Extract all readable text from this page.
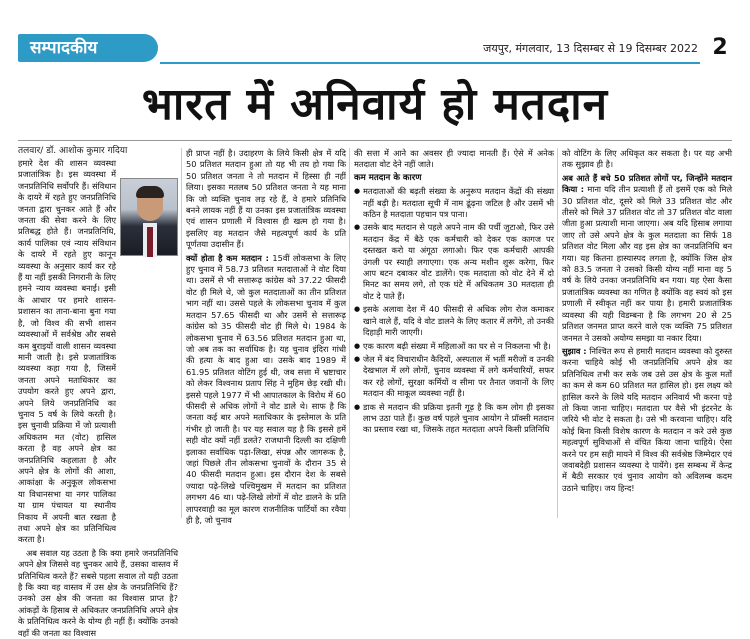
सम्पादकीय	जयपुर, मंगलवार, 13 दिसम्बर से 19 दिसम्बर 2022 2
भारत में अनिवार्य हो मतदान
तलवार/ डॉ. आशोक कुमार गदिया

हमारे देश की शासन व्यवस्था प्रजातांत्रिक है। इस व्यवस्था में जनप्रतिनिधि सर्वोपरि हैं। संविधान के दायरे में रहते हुए जनप्रतिनिधि जनता द्वारा चुनकर आते हैं और जनता की सेवा करने के लिए प्रतिबद्ध होते हैं। जनप्रतिनिधि, कार्य पालिका एवं न्याय संविधान के दायरे में रहते हुए कानून व्यवस्था के अनुसार कार्य कर रहे हैं या नहीं इसकी निगरानी के लिए हमने न्याय व्यवस्था बनाई। इसी के आधार पर हमारे शासन-प्रशासन का ताना-बाना बुना गया है, जो विश्व की सभी शासन व्यवस्थाओं में सर्वश्रेष्ठ और सबसे कम बुराइयों वाली शासन व्यवस्था मानी जाती है। इसे प्रजातांत्रिक व्यवस्था कहा गया है, जिसमें जनता अपने मताधिकार का उपयोग करते हुए अपने द्वारा, अपने लिये जनप्रतिनिधि का चुनाव 5 वर्ष के लिये करती है। इस चुनावी प्रक्रिया में जो प्रत्याशी अधिकतम मत (वोट) हासिल करता है वह अपने क्षेत्र का जनप्रतिनिधि कहलाता है और अपने क्षेत्र के लोगों की आशा, आकांक्षा के अनुकूल लोकसभा या विधानसभा या नगर पालिका या ग्राम पंचायत या स्थानीय निकाय में अपनी बात रखता है तथा अपने क्षेत्र का प्रतिनिधित्व करता है।

अब सवाल यह उठता है कि क्या हमारे जनप्रतिनिधि अपने क्षेत्र जिससे वह चुनकर आये हैं, उसका वास्तव में प्रतिनिधित्व करते हैं? सबसे पहला सवाल तो यही उठता है कि क्या वह वास्तव में उस क्षेत्र के जनप्रतिनिधि हैं? उनको उस क्षेत्र की जनता का विश्वास प्राप्त है? आंकड़ों के हिसाब से अधिकतर जनप्रतिनिधि अपने क्षेत्र के प्रतिनिधित्व करने के योग्य ही नहीं हैं। क्योंकि उनको वहाँ की जनता का विश्वास

ही प्राप्त नहीं है। उदाहरण के लिये किसी क्षेत्र में यदि 50 प्रतिशत मतदान हुआ तो यह भी तय हो गया कि 50 प्रतिशत जनता ने तो मतदान में हिस्सा ही नहीं लिया। इसका मतलब 50 प्रतिशत जनता ने यह माना कि जो व्यक्ति चुनाव लड़ रहे हैं, वे हमारे प्रतिनिधि बनने लायक नहीं हैं या उनका इस प्रजातांत्रिक व्यवस्था एवं शासन प्रणाली में विश्वास ही खत्म हो गया है। इसलिए वह मतदान जैसे महत्वपूर्ण कार्य के प्रति पूर्णतया उदासीन हैं।

क्यों होता है कम मतदान : 15वीं लोकसभा के लिए हुए चुनाव में 58.73 प्रतिशत मतदाताओं ने वोट दिया था। उसमें से भी सत्तारूढ़ कांग्रेस को 37.22 फीसदी वोट ही मिले थे, जो कुल मतदाताओं का तीन प्रतिशत भाग नहीं था। उससे पहले के लोकसभा चुनाव में कुल मतदान 57.65 फीसदी था और उसमें से सत्तारूढ़ कांग्रेस को 35 फीसदी वोट ही मिले थे। 1984 के लोकसभा चुनाव में 63.56 प्रतिशत मतदान हुआ था, जो अब तक का सर्वाधिक है। यह चुनाव इंदिरा गांधी की हत्या के बाद हुआ था। उसके बाद 1989 में 61.95 प्रतिशत वोटिंग हुई थी, जब सत्ता में भ्रष्टाचार को लेकर विश्वनाथ प्रताप सिंह ने मुहिम छेड़ रखी थी। इससे पहले 1977 में भी आपातकाल के विरोध में 60 फीसदी से अधिक लोगों ने वोट डाले थे। साफ है कि जनता कई बार अपने मताधिकार के इस्तेमाल के प्रति गंभीर हो जाती है। पर यह सवाल यह है कि इससे हमें सही वोट क्यों नहीं डलते? राजधानी दिल्ली का दक्षिणी इलाका सर्वाधिक पढ़ा-लिखा, संपन्न और जागरूक है, जहां पिछले तीन लोकसभा चुनावों के दौरान 35 से 40 फीसदी मतदान हुआ। इस दौरान देश के सबसे ज्यादा पढ़े-लिखे पश्चिमुखम में मतदान का प्रतिशत लगभग 46 था। पढ़े-लिखे लोगों में वोट डालने के प्रति लापरवाही का मूल कारण राजनीतिक पार्टियों का रवैया ही है, जो चुनाव

की सत्ता में आने का अवसर ही ज्यादा मानती हैं। ऐसे में अनेक मतदाता वोट देने नहीं जाते।

कम मतदान के कारण

● मतदाताओं की बढ़ती संख्या के अनुरूप मतदान केंद्रों की संख्या नहीं बढ़ी है। मतदाता सूची में नाम ढूंढ़ना जटिल है और उसमें भी कठिन है मतदाता पहचान पत्र पाना।

● उसके बाद मतदान से पहले अपने नाम की पर्ची जुटाओ, फिर उसे मतदान केंद्र में बैठे एक कर्मचारी को देकर एक कागज पर दस्तखत करो या अंगूठा लगाओ। फिर एक कर्मचारी आपकी उंगली पर स्याही लगाएगा। एक अन्य मशीन शुरू करेगा, फिर आप बटन दबाकर वोट डालेंगे। एक मतदाता को वोट देने में दो मिनट का समय लगे, तो एक घंटे में अधिकतम 30 मतदाता ही वोट दे पाते हैं।

● इसके अलावा देश में 40 फीसदी से अधिक लोग रोज कमाकर खाने वाले हैं, यदि वे वोट डालने के लिए कतार में लगेंगे, तो उनकी दिहाड़ी मारी जाएगी।

● एक कारण बढ़ी संख्या में महिलाओं का घर से न निकलना भी है।

● जेल में बंद विचाराधीन कैदियों, अस्पताल में भर्ती मरीजों व उनकी देखभाल में लगे लोगों, चुनाव व्यवस्था में लगे कर्मचारियों, सफर कर रहे लोगों, सुरक्षा कर्मियों व सीमा पर तैनात जवानों के लिए मतदान की माकूल व्यवस्था नहीं है।

● डाक से मतदान की प्रक्रिया इतनी गूढ़ है कि कम लोग ही इसका लाभ उठा पाते हैं। कुछ वर्ष पहले चुनाव आयोग ने प्रॉक्सी मतदान का प्रस्ताव रखा था, जिसके तहत मतदाता अपने किसी प्रतिनिधि

को वोटिंग के लिए अधिकृत कर सकता है। पर यह अभी तक सुझाव ही है।

अब आते हैं बचे 50 प्रतिशत लोगों पर, जिन्होंने मतदान किया : माना यदि तीन प्रत्याशी हैं तो इसमें एक को मिले 30 प्रतिशत वोट, दूसरे को मिले 33 प्रतिशत वोट और तीसरे को मिले 37 प्रतिशत वोट तो 37 प्रतिशत वोट वाला जीता हुआ प्रत्याशी माना जाएगा। अब यदि हिसाब लगाया जाए तो उसे अपने क्षेत्र के कुल मतदाता का सिर्फ 18 प्रतिशत वोट मिला और वह इस क्षेत्र का जनप्रतिनिधि बन गया। यह कितना हास्यास्पद लगता है, क्योंकि जिस क्षेत्र को 83.5 जनता ने उसको किसी योग्य नहीं माना वह 5 वर्ष के लिये उनका जनप्रतिनिधि बन गया। यह ऐसा कैसा प्रजातांत्रिक व्यवस्था का गणित है क्योंकि वह स्वयं को इस प्रणाली में स्वीकृत नहीं कर पाया है। हमारी प्रजातांत्रिक व्यवस्था की यही विडम्बना है कि लगभग 20 से 25 प्रतिशत जनमत प्राप्त करने वाले एक व्यक्ति 75 प्रतिशत जनमत ने उसको अयोग्य समझा या नकार दिया।

सुझाव : निश्चित रूप से हमारी मतदान व्यवस्था को दुरुस्त करना चाहिये कोई भी जनप्रतिनिधि अपने क्षेत्र का प्रतिनिधित्व तभी कर सके जब उसे उस क्षेत्र के कुल मतों का कम से कम 60 प्रतिशत मत हासिल हो। इस लक्ष्य को हासिल करने के लिये यदि मतदान अनिवार्य भी करना पड़े तो किया जाना चाहिए। मतदाता पर वैसे भी इंटरनेट के जरिये भी वोट दे सकता है। उसे भी करवाना चाहिए। यदि कोई बिना किसी विशेष कारण के मतदान न करे उसे कुछ महत्वपूर्ण सुविधाओं से वंचित किया जाना चाहिये। ऐसा करने पर हम सही मायने में विश्व की सर्वश्रेष्ठ जिम्मेदार एवं जवाबदेही प्रशासन व्यवस्था दे पायेंगे। इस सम्बन्ध में केन्द्र में बैठी सरकार एवं चुनाव आयोग को अविलम्ब कदम उठाने चाहिए। जय हिन्द!
